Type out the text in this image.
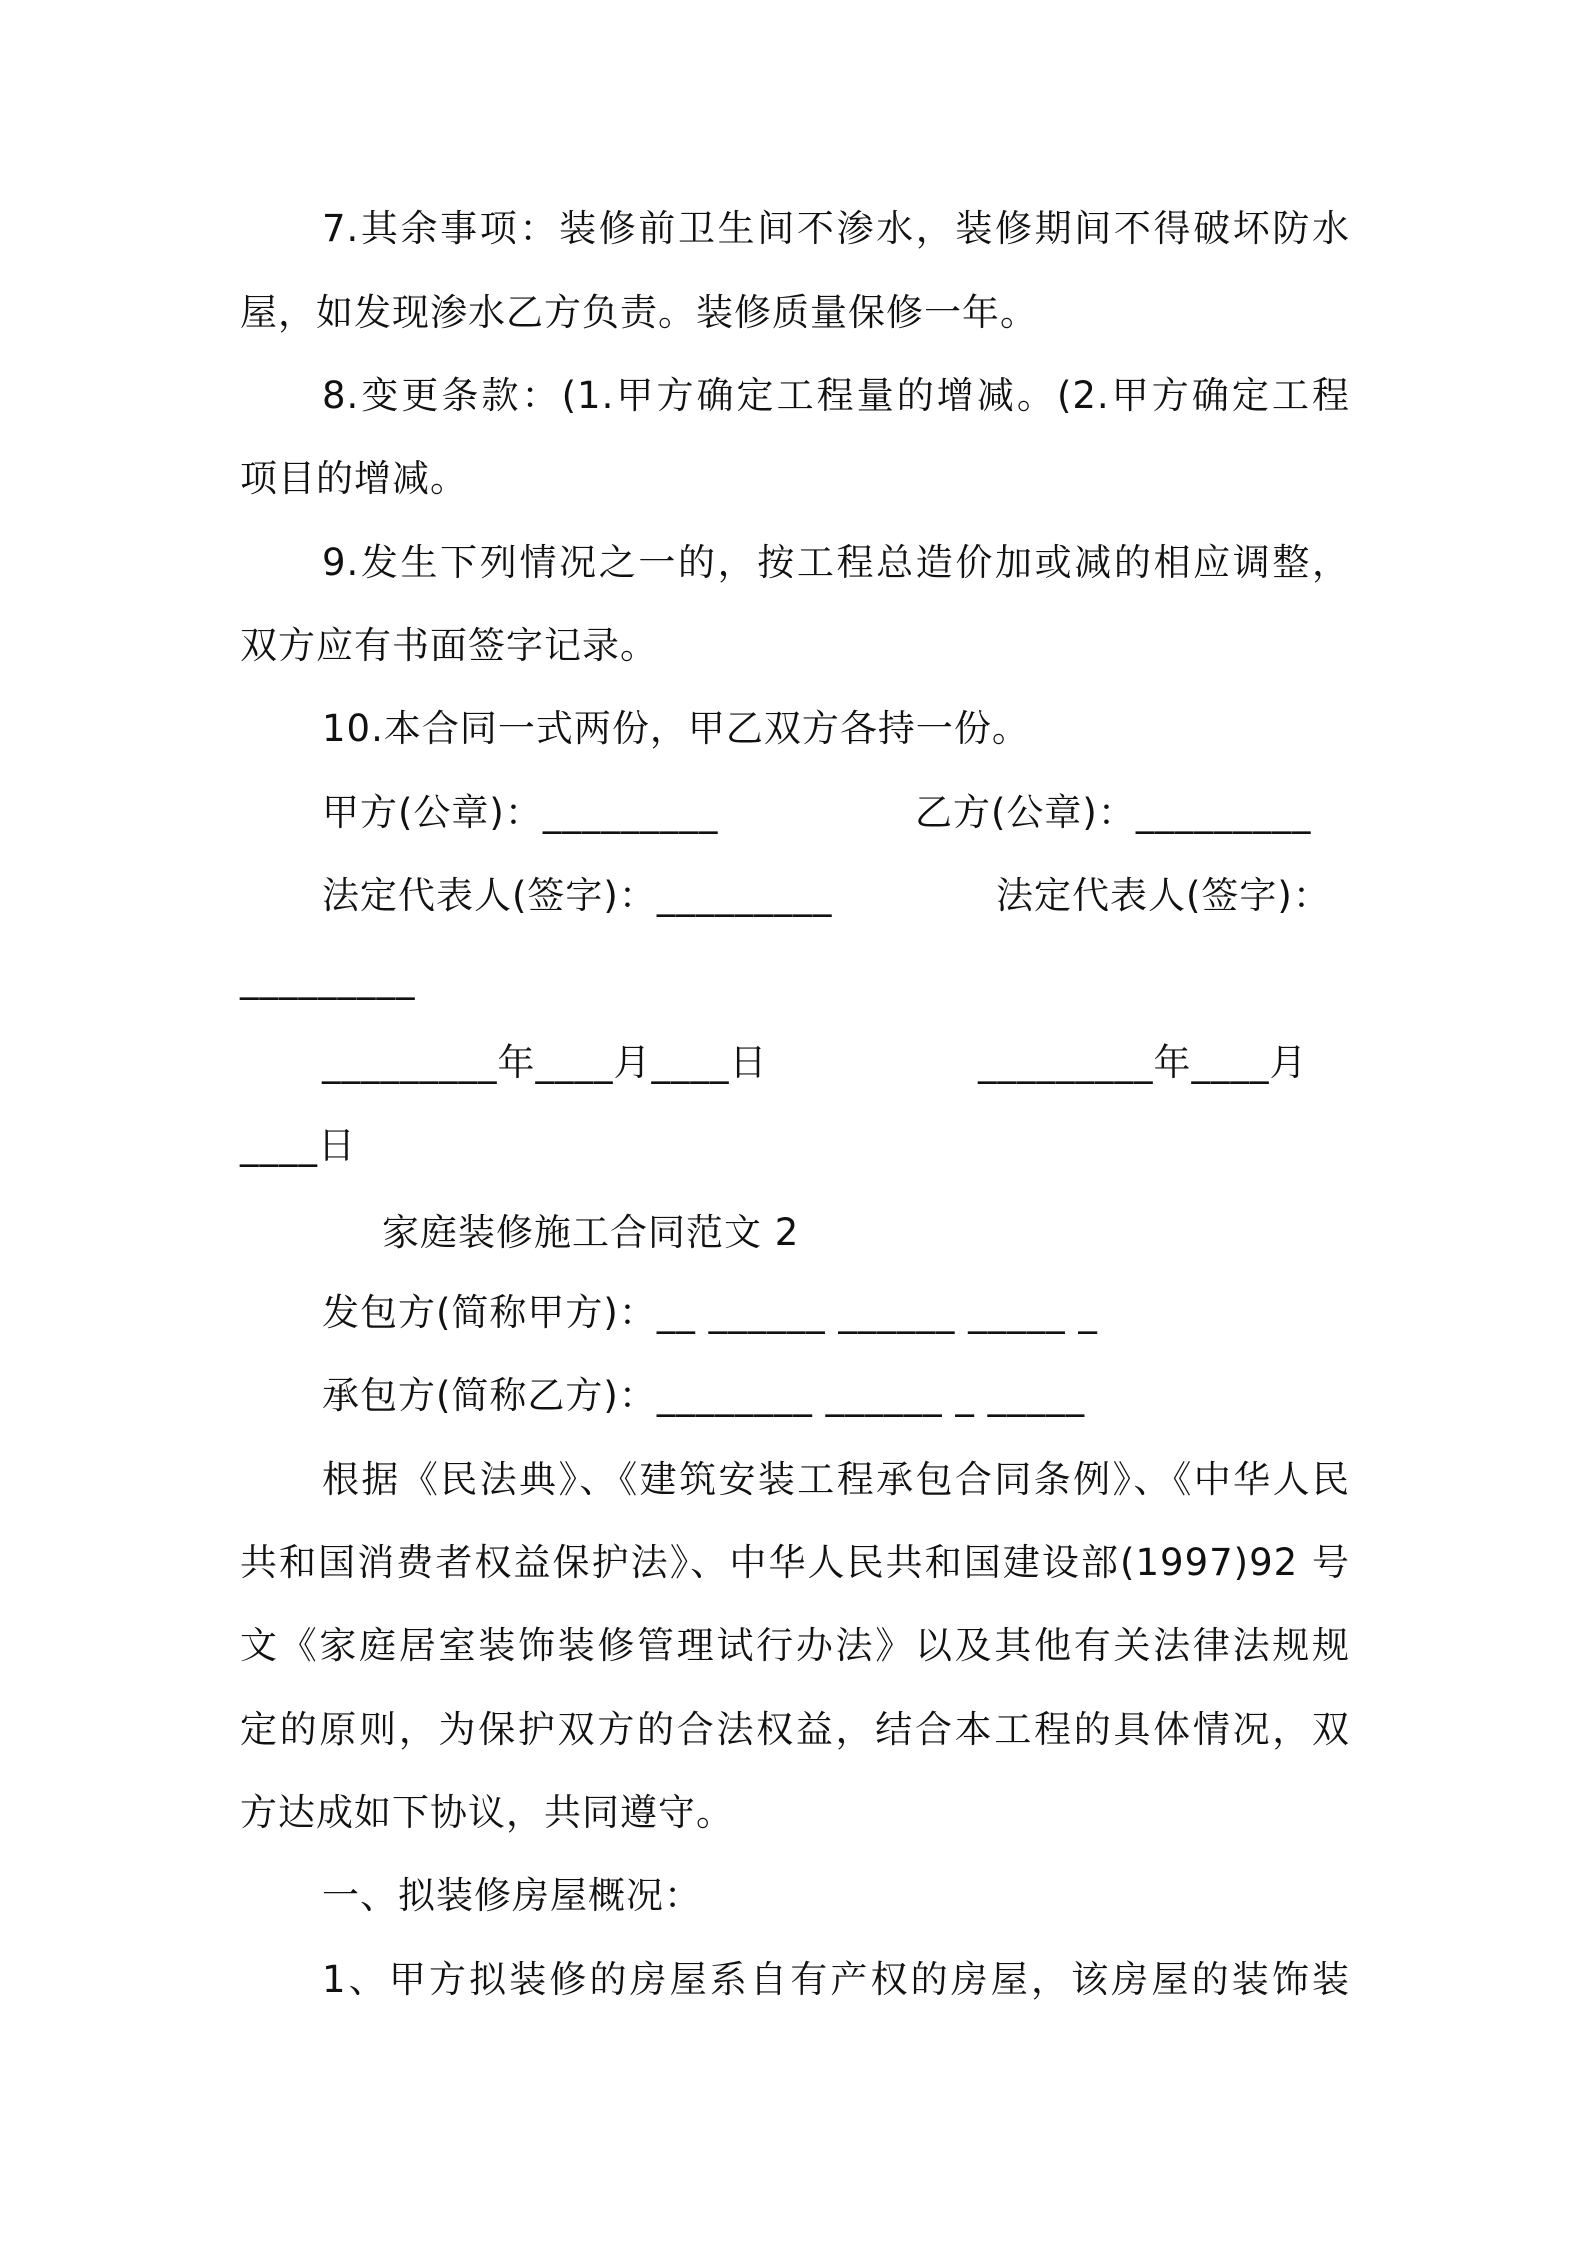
7.其余事项：装修前卫生间不渗水，装修期间不得破坏防水
屋，如发现渗水乙方负责。装修质量保修一年。
8.变更条款：(1.甲方确定工程量的增减。(2.甲方确定工程
项目的增减。
9.发生下列情况之一的，按工程总造价加或减的相应调整，
双方应有书面签字记录。
10.本合同一式两份，甲乙双方各持一份。
甲方(公章)：_________	乙方(公章)：_________
法定代表人(签字)：_________	法定代表人(签字)：
_________
_________年____月____日	_________年____月
____日
家庭装修施工合同范文 2
发包方(简称甲方)：__ ______ ______ _____ _
承包方(简称乙方)：________ ______ _ _____
根据《民法典》、《建筑安装工程承包合同条例》、《中华人民
共和国消费者权益保护法》、中华人民共和国建设部(1997)92 号
文《家庭居室装饰装修管理试行办法》以及其他有关法律法规规
定的原则，为保护双方的合法权益，结合本工程的具体情况，双
方达成如下协议，共同遵守。
一、拟装修房屋概况：
1、甲方拟装修的房屋系自有产权的房屋，该房屋的装饰装
